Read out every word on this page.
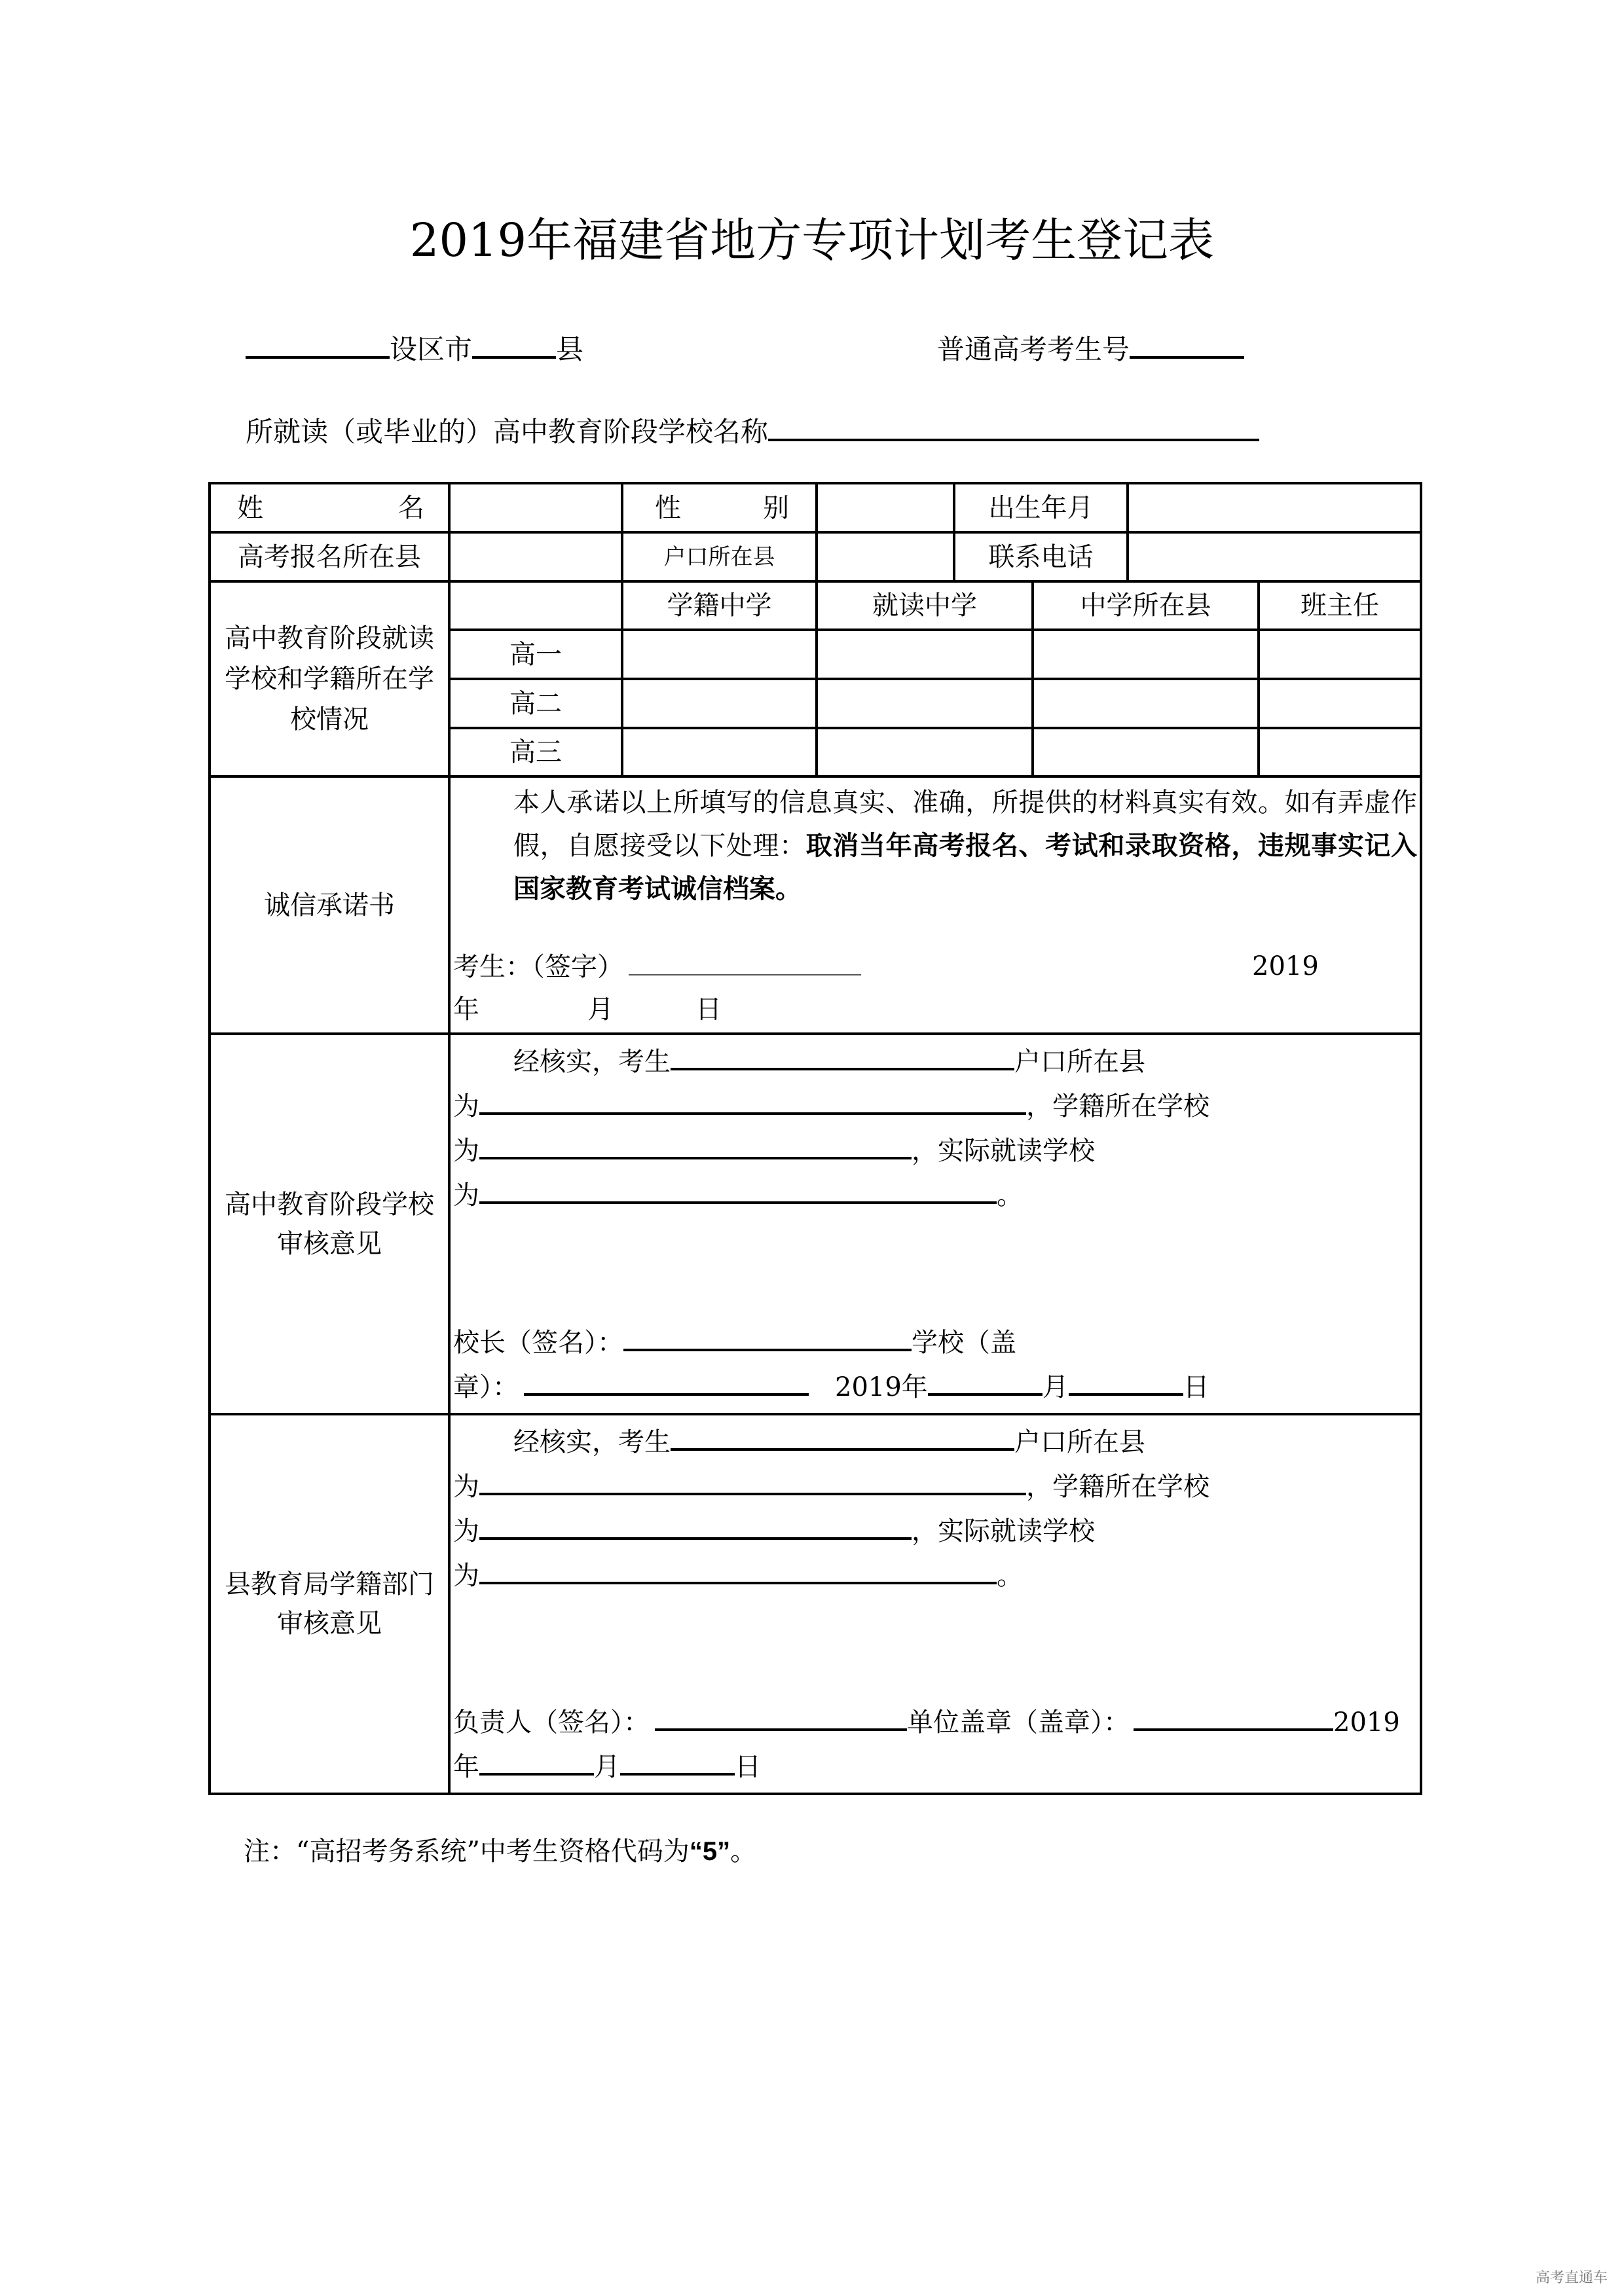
2019年福建省地方专项计划考生登记表
设区市	县	普通高考考生号
所就读（或毕业的）高中教育阶段学校名称
姓 名		性 别		出生年月			
高考报名所在县		户口所在县		联系电话			
高中教育阶段就读学校和学籍所在学校情况		学籍中学	就读中学		中学所在县		班主任
	高一						
	高二						
	高三						
诚信承诺书	本人承诺以上所填写的信息真实、准确，所提供的材料真实有效。如有弄虚作假，自愿接受以下处理：取消当年高考报名、考试和录取资格，违规事实记入国家教育考试诚信档案。
考生：（签字） 2019
年 月 日						

高中教育阶段学校
审核意见

经核实，考生	户口所在县
为	，学籍所在学校
为	，实际就读学校
为	。
校长（签名）：	学校（盖
章）：	2019年	月	日

县教育局学籍部门
审核意见

经核实，考生	户口所在县
为	，学籍所在学校
为	，实际就读学校
为	。
负责人（签名）：	单位盖章（盖章）：	2019
年	月	日
注：“高招考务系统”中考生资格代码为“5”。
高考直通车
